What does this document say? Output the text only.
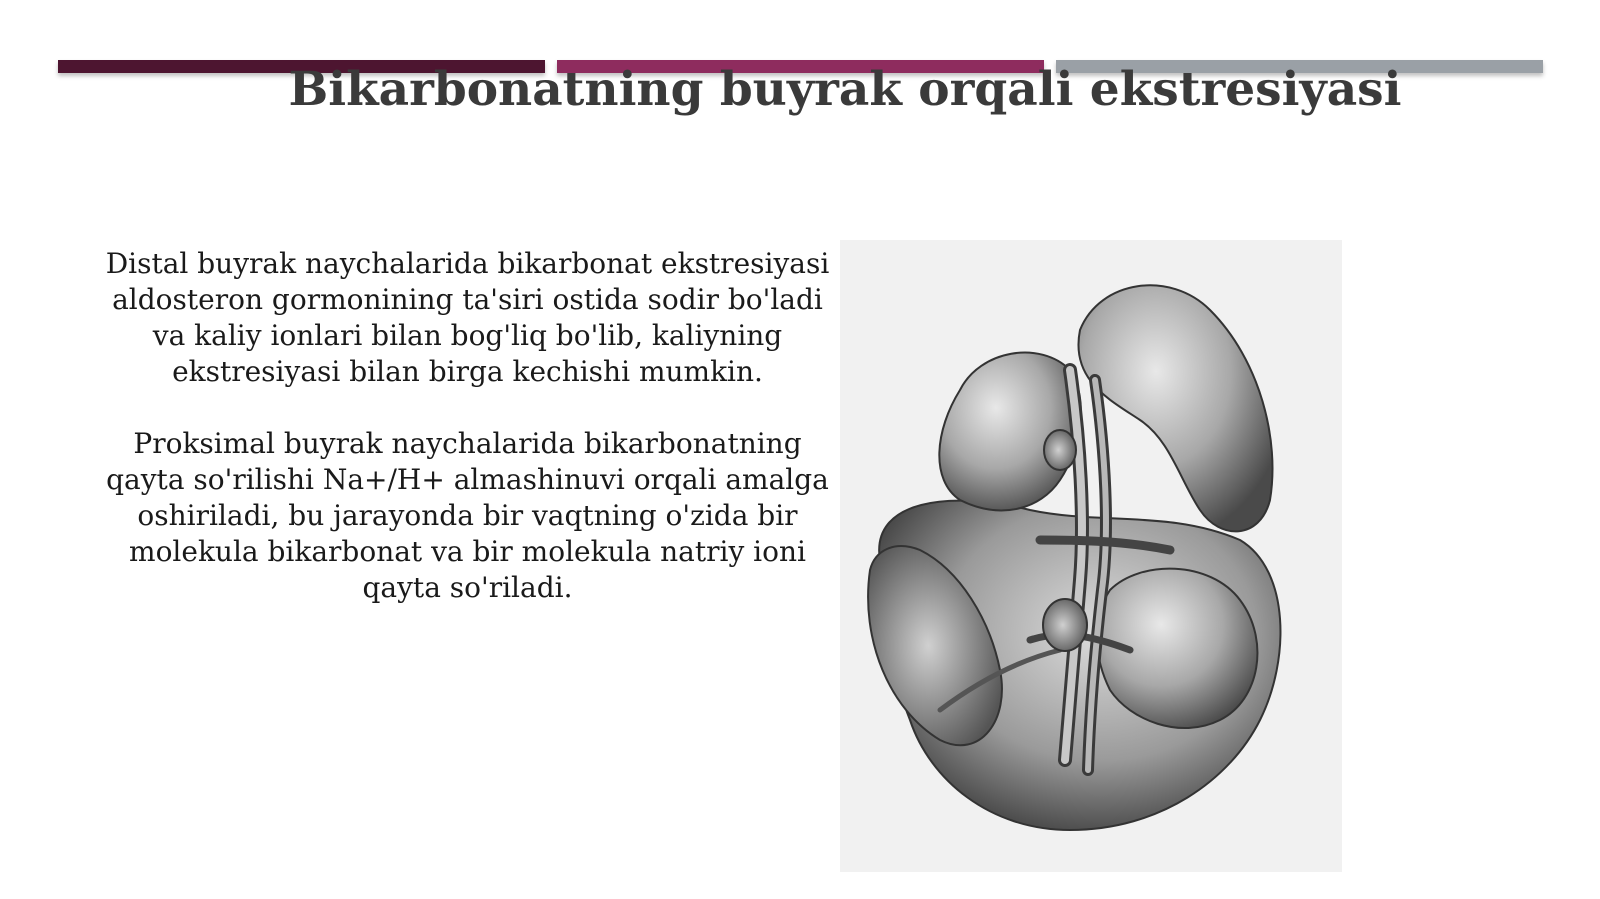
Bikarbonatning buyrak orqali ekstresiyasi

Distal buyrak naychalarida bikarbonat ekstresiyasi aldosteron gormonining ta'siri ostida sodir bo'ladi va kaliy ionlari bilan bog'liq bo'lib, kaliyning ekstresiyasi bilan birga kechishi mumkin.

Proksimal buyrak naychalarida bikarbonatning qayta so'rilishi Na+/H+ almashinuvi orqali amalga oshiriladi, bu jarayonda bir vaqtning o'zida bir molekula bikarbonat va bir molekula natriy ioni qayta so'riladi.
